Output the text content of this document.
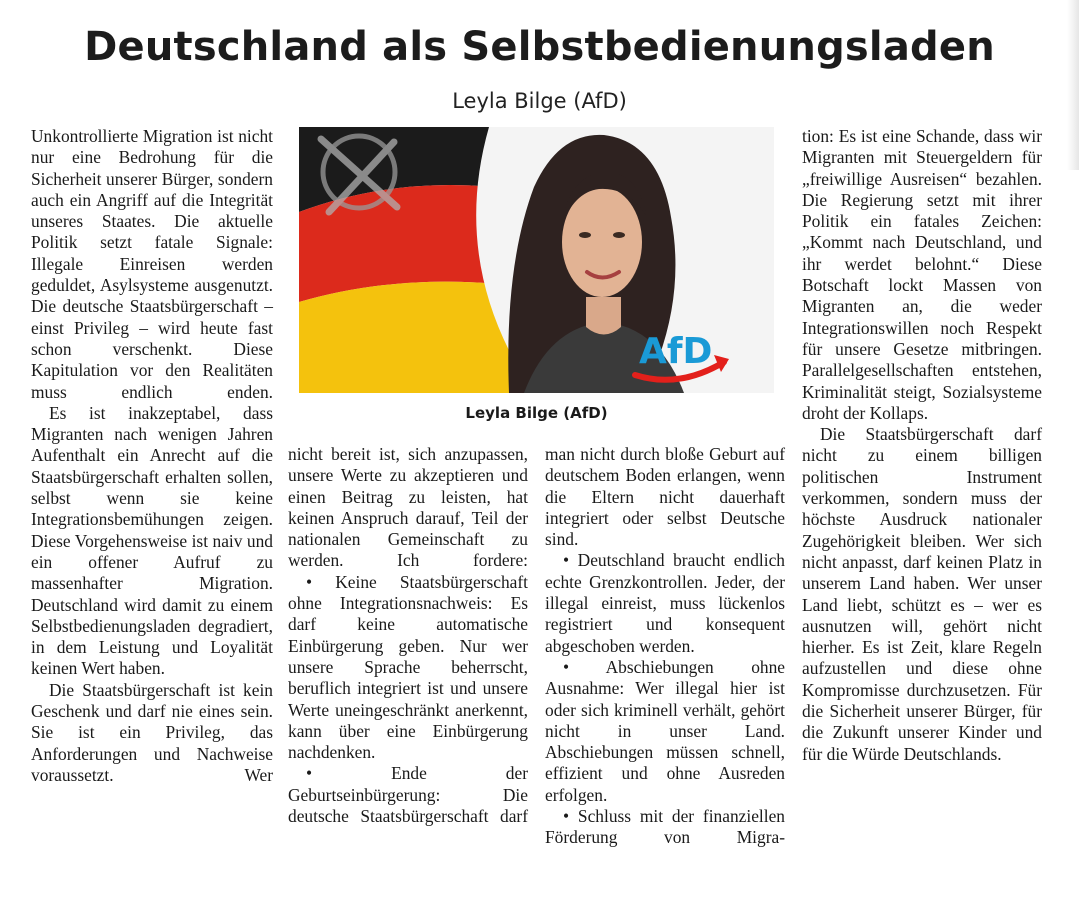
Deutschland als Selbstbedienungsladen
Leyla Bilge (AfD)

Unkontrollierte Migration ist nicht nur eine Bedrohung für die Sicherheit unserer Bürger, sondern auch ein Angriff auf die Integrität unseres Staates. Die aktuelle Politik setzt fatale Signale: Illegale Einreisen werden geduldet, Asylsysteme ausgenutzt. Die deutsche Staatsbürgerschaft – einst Privileg – wird heute fast schon verschenkt. Diese Kapitulation vor den Realitäten muss endlich enden.

Es ist inakzeptabel, dass Migranten nach wenigen Jahren Aufenthalt ein Anrecht auf die Staatsbürgerschaft erhalten sollen, selbst wenn sie keine Integrationsbemühungen zeigen. Diese Vorgehensweise ist naiv und ein offener Aufruf zu massenhafter Migration. Deutschland wird damit zu einem Selbstbedienungsladen degradiert, in dem Leistung und Loyalität keinen Wert haben.

Die Staatsbürgerschaft ist kein Geschenk und darf nie eines sein. Sie ist ein Privileg, das Anforderungen und Nachweise voraussetzt. Wer

AfD
Leyla Bilge (AfD)

nicht bereit ist, sich anzupassen, unsere Werte zu akzeptieren und einen Beitrag zu leisten, hat keinen Anspruch darauf, Teil der nationalen Gemeinschaft zu werden. Ich fordere:

• Keine Staatsbürgerschaft ohne Integrationsnachweis: Es darf keine automatische Einbürgerung geben. Nur wer unsere Sprache beherrscht, beruflich integriert ist und unsere Werte uneingeschränkt anerkennt, kann über eine Einbürgerung nachdenken.

• Ende der Geburtseinbürgerung: Die deutsche Staatsbürgerschaft darf

man nicht durch bloße Geburt auf deutschem Boden erlangen, wenn die Eltern nicht dauerhaft integriert oder selbst Deutsche sind.

• Deutschland braucht endlich echte Grenzkontrollen. Jeder, der illegal einreist, muss lückenlos registriert und konsequent abgeschoben werden.

• Abschiebungen ohne Ausnahme: Wer illegal hier ist oder sich kriminell verhält, gehört nicht in unser Land. Abschiebungen müssen schnell, effizient und ohne Ausreden erfolgen.

• Schluss mit der finanziellen Förderung von Migra-

tion: Es ist eine Schande, dass wir Migranten mit Steuergeldern für „freiwillige Ausreisen“ bezahlen. Die Regierung setzt mit ihrer Politik ein fatales Zeichen: „Kommt nach Deutschland, und ihr werdet belohnt.“ Diese Botschaft lockt Massen von Migranten an, die weder Integrationswillen noch Respekt für unsere Gesetze mitbringen. Parallelgesellschaften entstehen, Kriminalität steigt, Sozialsysteme droht der Kollaps.

Die Staatsbürgerschaft darf nicht zu einem billigen politischen Instrument verkommen, sondern muss der höchste Ausdruck nationaler Zugehörigkeit bleiben. Wer sich nicht anpasst, darf keinen Platz in unserem Land haben. Wer unser Land liebt, schützt es – wer es ausnutzen will, gehört nicht hierher. Es ist Zeit, klare Regeln aufzustellen und diese ohne Kompromisse durchzusetzen. Für die Sicherheit unserer Bürger, für die Zukunft unserer Kinder und für die Würde Deutschlands.
